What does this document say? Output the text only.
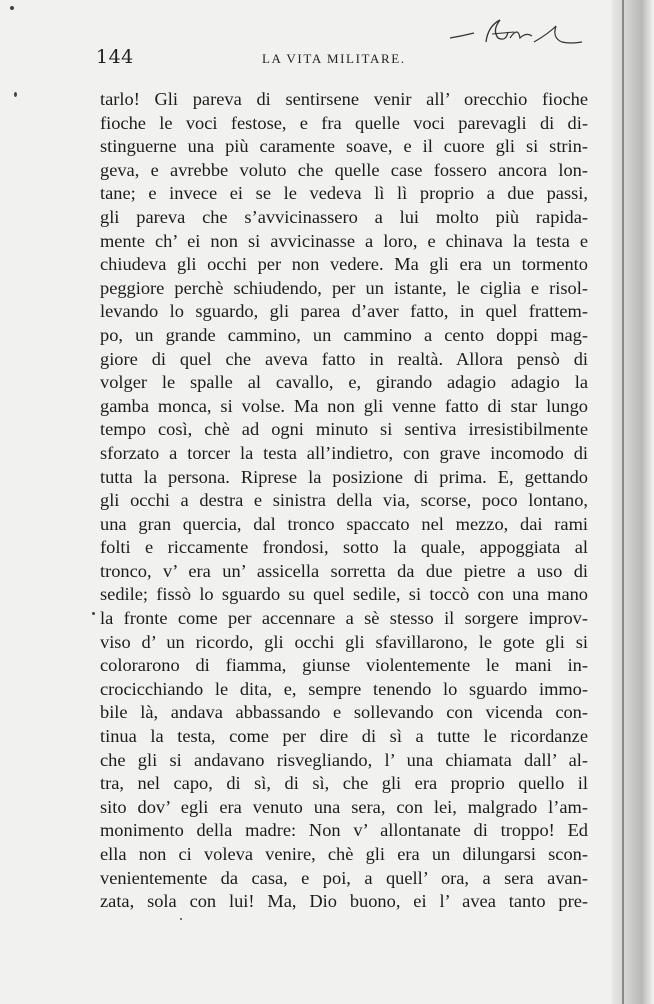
144	LA VITA MILITARE.
tarlo! Gli pareva di sentirsene venir all’ orecchio fioche
fioche le voci festose, e fra quelle voci parevagli di di-
stinguerne una più caramente soave, e il cuore gli si strin-
geva, e avrebbe voluto che quelle case fossero ancora lon-
tane; e invece ei se le vedeva lì lì proprio a due passi,
gli pareva che s’avvicinassero a lui molto più rapida-
mente ch’ ei non si avvicinasse a loro, e chinava la testa e
chiudeva gli occhi per non vedere. Ma gli era un tormento
peggiore perchè schiudendo, per un istante, le ciglia e risol-
levando lo sguardo, gli parea d’aver fatto, in quel frattem-
po, un grande cammino, un cammino a cento doppi mag-
giore di quel che aveva fatto in realtà. Allora pensò di
volger le spalle al cavallo, e, girando adagio adagio la
gamba monca, si volse. Ma non gli venne fatto di star lungo
tempo così, chè ad ogni minuto si sentiva irresistibilmente
sforzato a torcer la testa all’indietro, con grave incomodo di
tutta la persona. Riprese la posizione di prima. E, gettando
gli occhi a destra e sinistra della via, scorse, poco lontano,
una gran quercia, dal tronco spaccato nel mezzo, dai rami
folti e riccamente frondosi, sotto la quale, appoggiata al
tronco, v’ era un’ assicella sorretta da due pietre a uso di
sedile; fissò lo sguardo su quel sedile, si toccò con una mano
la fronte come per accennare a sè stesso il sorgere improv-
viso d’ un ricordo, gli occhi gli sfavillarono, le gote gli si
colorarono di fiamma, giunse violentemente le mani in-
crocicchiando le dita, e, sempre tenendo lo sguardo immo-
bile là, andava abbassando e sollevando con vicenda con-
tinua la testa, come per dire di sì a tutte le ricordanze
che gli si andavano risvegliando, l’ una chiamata dall’ al-
tra, nel capo, di sì, di sì, che gli era proprio quello il
sito dov’ egli era venuto una sera, con lei, malgrado l’am-
monimento della madre: Non v’ allontanate di troppo! Ed
ella non ci voleva venire, chè gli era un dilungarsi scon-
venientemente da casa, e poi, a quell’ ora, a sera avan-
zata, sola con lui! Ma, Dio buono, ei l’ avea tanto pre-
